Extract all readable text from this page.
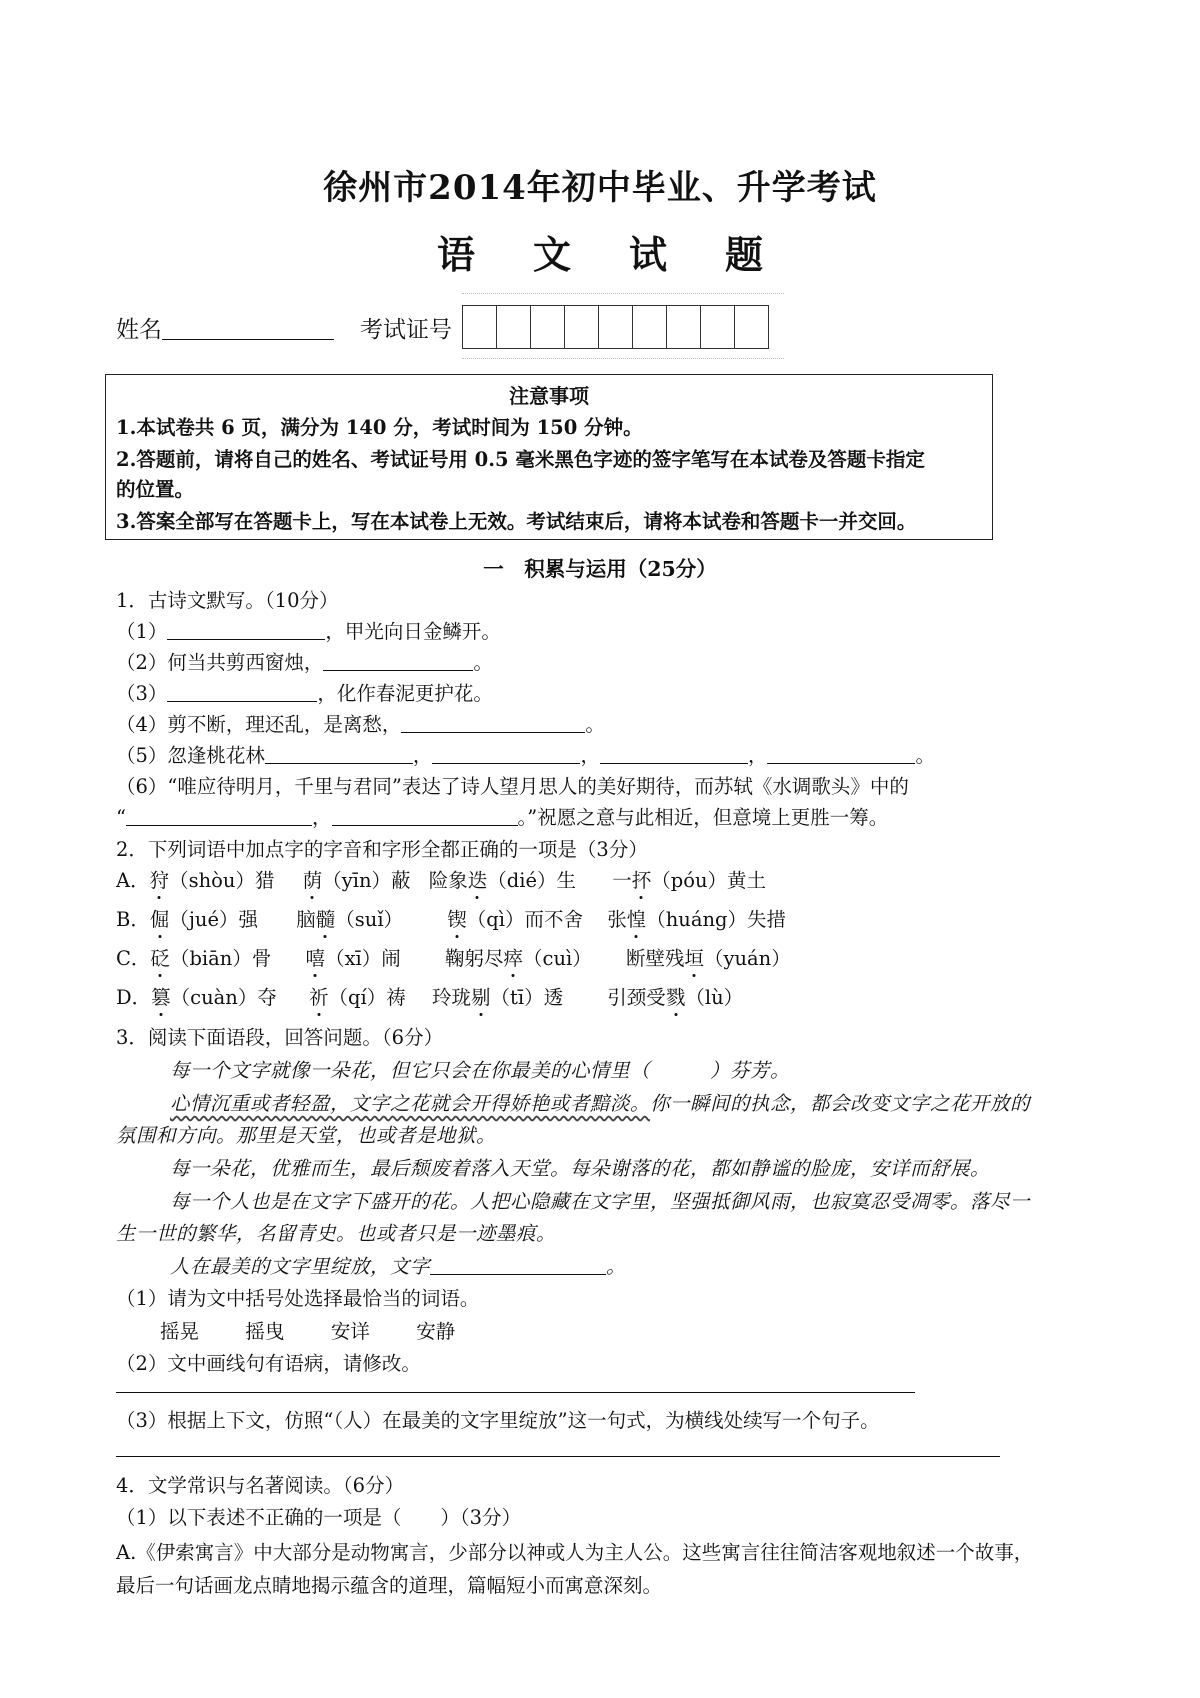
徐州市2014年初中毕业、升学考试
语文试题
姓名	考试证号
注意事项
1.本试卷共 6 页，满分为 140 分，考试时间为 150 分钟。
2.答题前，请将自己的姓名、考试证号用 0.5 毫米黑色字迹的签字笔写在本试卷及答题卡指定
的位置。
3.答案全部写在答题卡上，写在本试卷上无效。考试结束后，请将本试卷和答题卡一并交回。
一　积累与运用（25分）
1．古诗文默写。（10分）
（1）	，甲光向日金鳞开。
（2）何当共剪西窗烛，	。
（3）	，化作春泥更护花。
（4）剪不断，理还乱，是离愁，	。
（5）忽逢桃花林	，	，	，	。
（6）“唯应待明月，千里与君同”表达了诗人望月思人的美好期待，而苏轼《水调歌头》中的
“	，	。”祝愿之意与此相近，但意境上更胜一筹。
2．下列词语中加点字的字音和字形全都正确的一项是（3分）
A．狩（shòu）猎 荫（yīn）蔽 险象迭（dié）生 一抔（póu）黄土
B．倔（jué）强 脑髓（suǐ） 锲（qì）而不舍 张惶（huáng）失措
C．砭（biān）骨 嘻（xī）闹 鞠躬尽瘁（cuì） 断壁残垣（yuán）
D．篡（cuàn）夺 祈（qí）祷 玲珑剔（tī）透 引颈受戮（lù）
3．阅读下面语段，回答问题。（6分）
每一个文字就像一朵花，但它只会在你最美的心情里（　　　）芬芳。
心情沉重或者轻盈，文字之花就会开得娇艳或者黯淡。你一瞬间的执念，都会改变文字之花开放的
氛围和方向。那里是天堂，也或者是地狱。
每一朵花，优雅而生，最后颓废着落入天堂。每朵谢落的花，都如静谧的脸庞，安详而舒展。
每一个人也是在文字下盛开的花。人把心隐藏在文字里，坚强抵御风雨，也寂寞忍受凋零。落尽一
生一世的繁华，名留青史。也或者只是一迹墨痕。
人在最美的文字里绽放，文字	。
（1）请为文中括号处选择最恰当的词语。
摇晃 摇曳 安详 安静
（2）文中画线句有语病，请修改。
（3）根据上下文，仿照“（人）在最美的文字里绽放”这一句式，为横线处续写一个句子。
4．文学常识与名著阅读。（6分）
（1）以下表述不正确的一项是（　　）（3分）
A.《伊索寓言》中大部分是动物寓言，少部分以神或人为主人公。这些寓言往往简洁客观地叙述一个故事，
最后一句话画龙点睛地揭示蕴含的道理，篇幅短小而寓意深刻。
